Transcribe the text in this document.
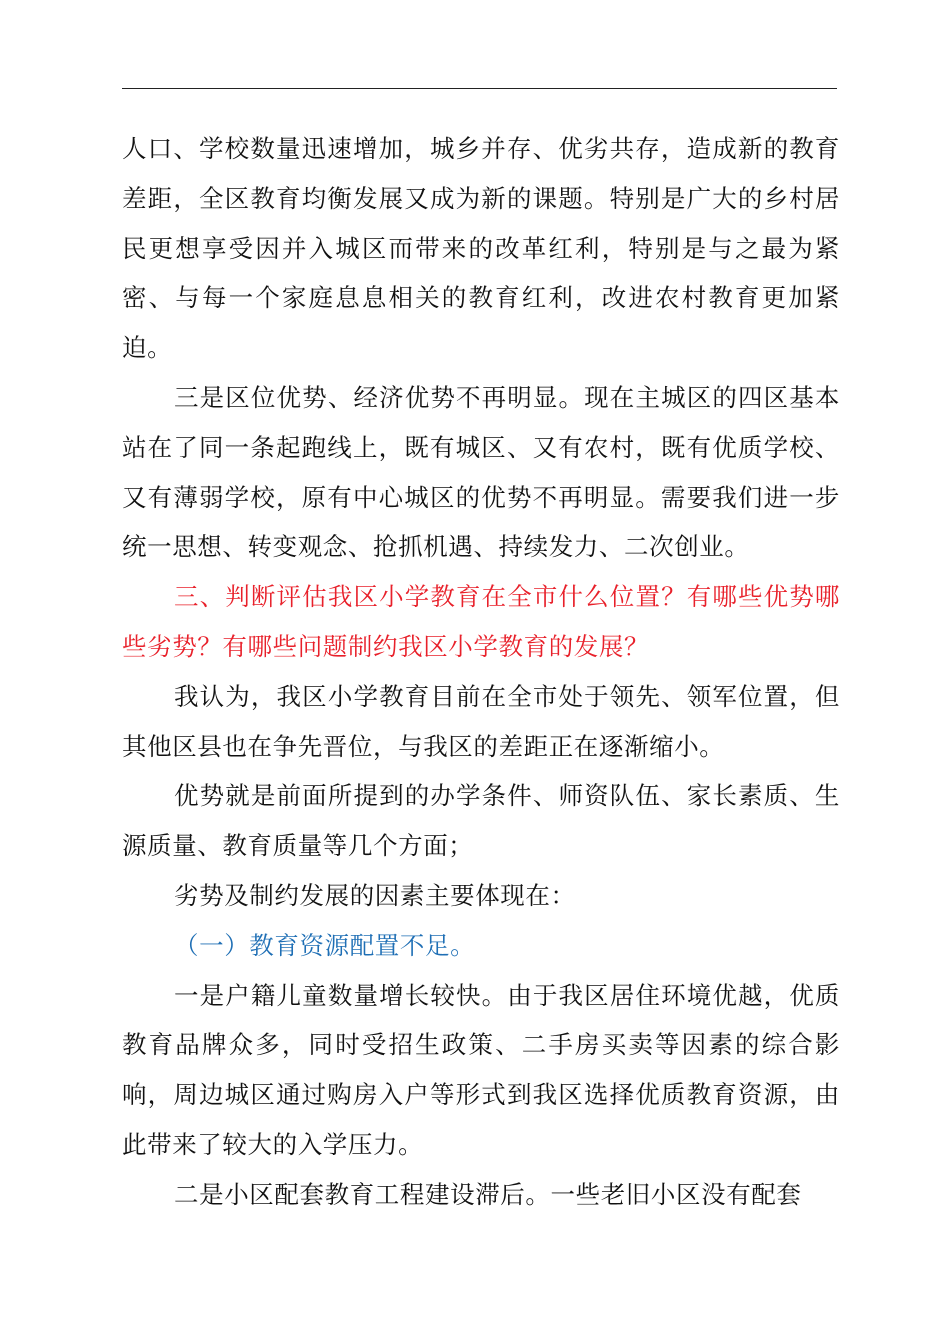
人口、学校数量迅速增加，城乡并存、优劣共存，造成新的教育差距，全区教育均衡发展又成为新的课题。特别是广大的乡村居民更想享受因并入城区而带来的改革红利，特别是与之最为紧密、与每一个家庭息息相关的教育红利，改进农村教育更加紧迫。

三是区位优势、经济优势不再明显。现在主城区的四区基本站在了同一条起跑线上，既有城区、又有农村，既有优质学校、又有薄弱学校，原有中心城区的优势不再明显。需要我们进一步统一思想、转变观念、抢抓机遇、持续发力、二次创业。

三、判断评估我区小学教育在全市什么位置？有哪些优势哪些劣势？有哪些问题制约我区小学教育的发展？

我认为，我区小学教育目前在全市处于领先、领军位置，但其他区县也在争先晋位，与我区的差距正在逐渐缩小。

优势就是前面所提到的办学条件、师资队伍、家长素质、生源质量、教育质量等几个方面；

劣势及制约发展的因素主要体现在：

（一）教育资源配置不足。

一是户籍儿童数量增长较快。由于我区居住环境优越，优质教育品牌众多，同时受招生政策、二手房买卖等因素的综合影响，周边城区通过购房入户等形式到我区选择优质教育资源，由此带来了较大的入学压力。

二是小区配套教育工程建设滞后。一些老旧小区没有配套
